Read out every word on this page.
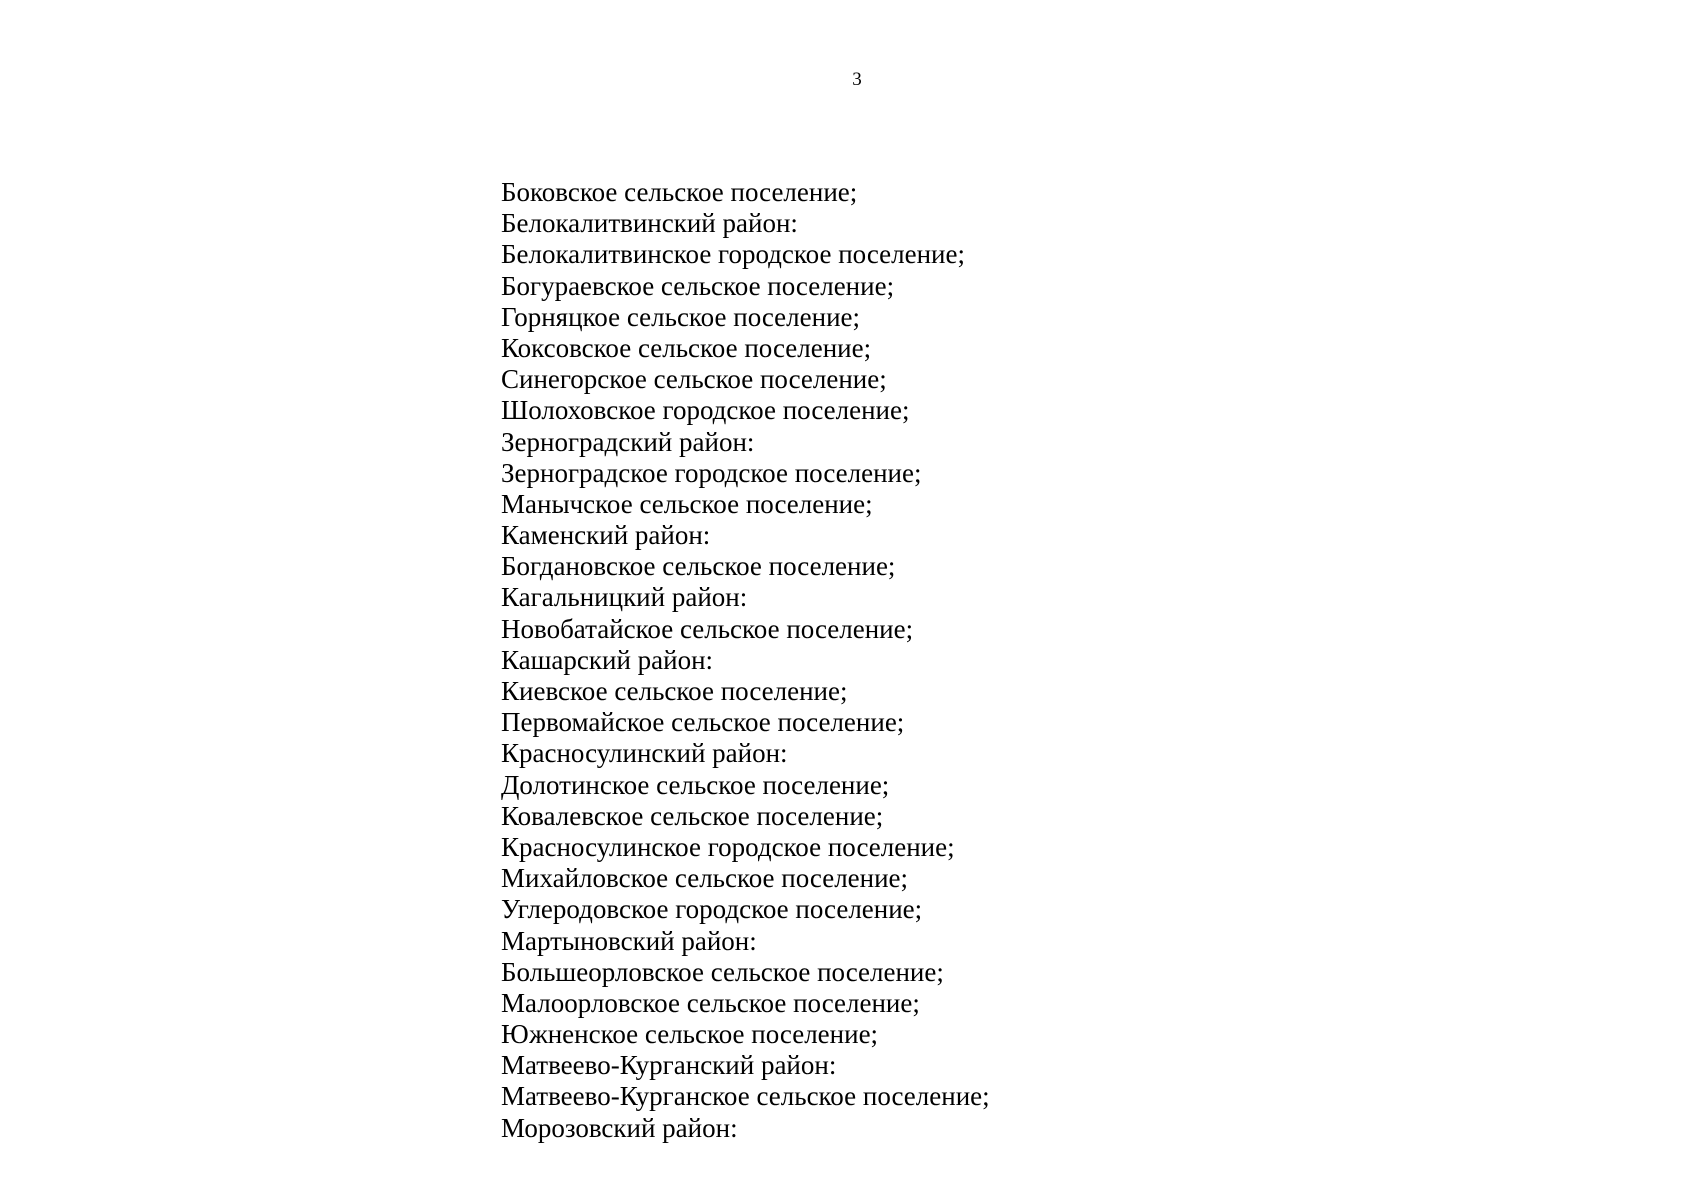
3
Боковское сельское поселение;
Белокалитвинский район:
Белокалитвинское городское поселение;
Богураевское сельское поселение;
Горняцкое сельское поселение;
Коксовское сельское поселение;
Синегорское сельское поселение;
Шолоховское городское поселение;
Зерноградский район:
Зерноградское городское поселение;
Манычское сельское поселение;
Каменский район:
Богдановское сельское поселение;
Кагальницкий район:
Новобатайское сельское поселение;
Кашарский район:
Киевское сельское поселение;
Первомайское сельское поселение;
Красносулинский район:
Долотинское сельское поселение;
Ковалевское сельское поселение;
Красносулинское городское поселение;
Михайловское сельское поселение;
Углеродовское городское поселение;
Мартыновский район:
Большеорловское сельское поселение;
Малоорловское сельское поселение;
Южненское сельское поселение;
Матвеево-Курганский район:
Матвеево-Курганское сельское поселение;
Морозовский район:
